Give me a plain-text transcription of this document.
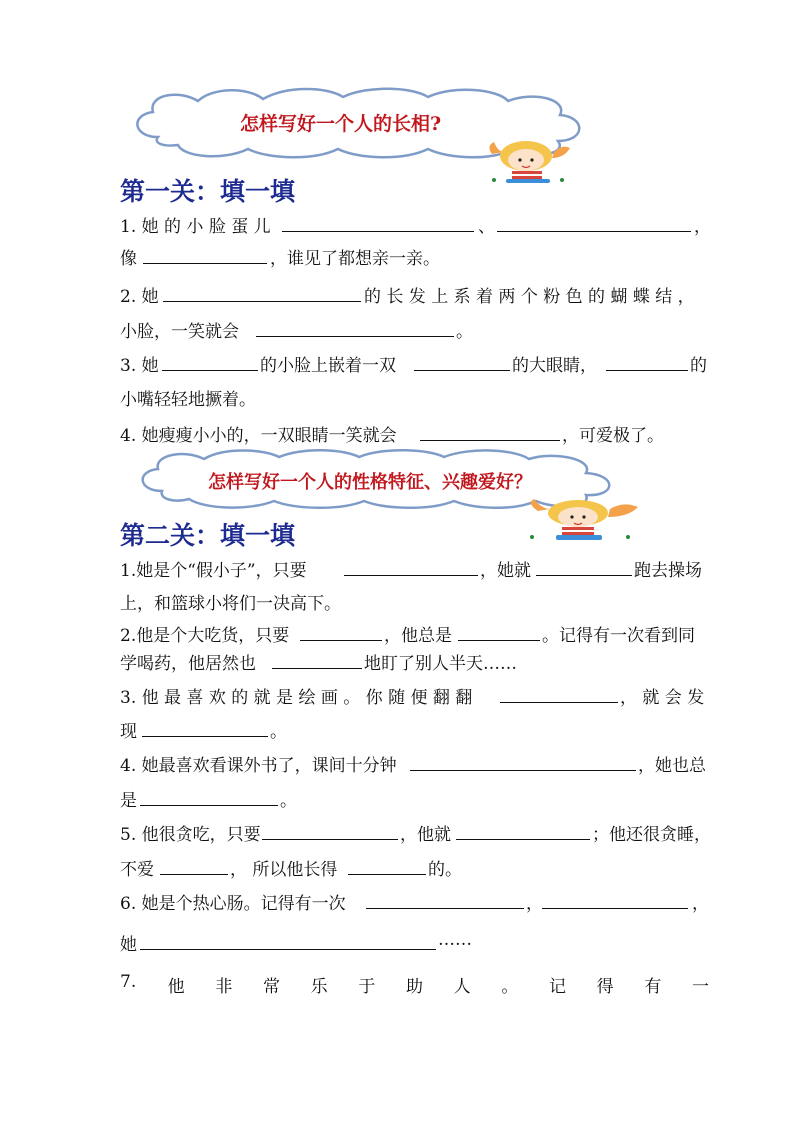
怎样写好一个人的长相?
第一关：填一填
1. 她 的 小 脸 蛋 儿	、	，
像	，谁见了都想亲一亲。
2. 她	的 长 发 上 系 着 两 个 粉 色 的 蝴 蝶 结 ，
小脸，一笑就会	。
3. 她	的小脸上嵌着一双	的大眼睛，	的
小嘴轻轻地撅着。
4. 她瘦瘦小小的，一双眼睛一笑就会	，可爱极了。
怎样写好一个人的性格特征、兴趣爱好？
第二关：填一填
1.她是个“假小子”，只要	，她就	跑去操场
上，和篮球小将们一决高下。
2.他是个大吃货，只要	，他总是	。记得有一次看到同
学喝药，他居然也	地盯了别人半天……
3. 他 最 喜 欢 的 就 是 绘 画 。 你 随 便 翻 翻	， 就 会 发
现	。
4. 她最喜欢看课外书了，课间十分钟	，她也总
是	。
5. 他很贪吃，只要	，他就	；他还很贪睡，
不爱	， 所以他长得	的。
6. 她是个热心肠。记得有一次	，	，
她	……
7. 他 非 常 乐 于 助 人 。 记 得 有 一
